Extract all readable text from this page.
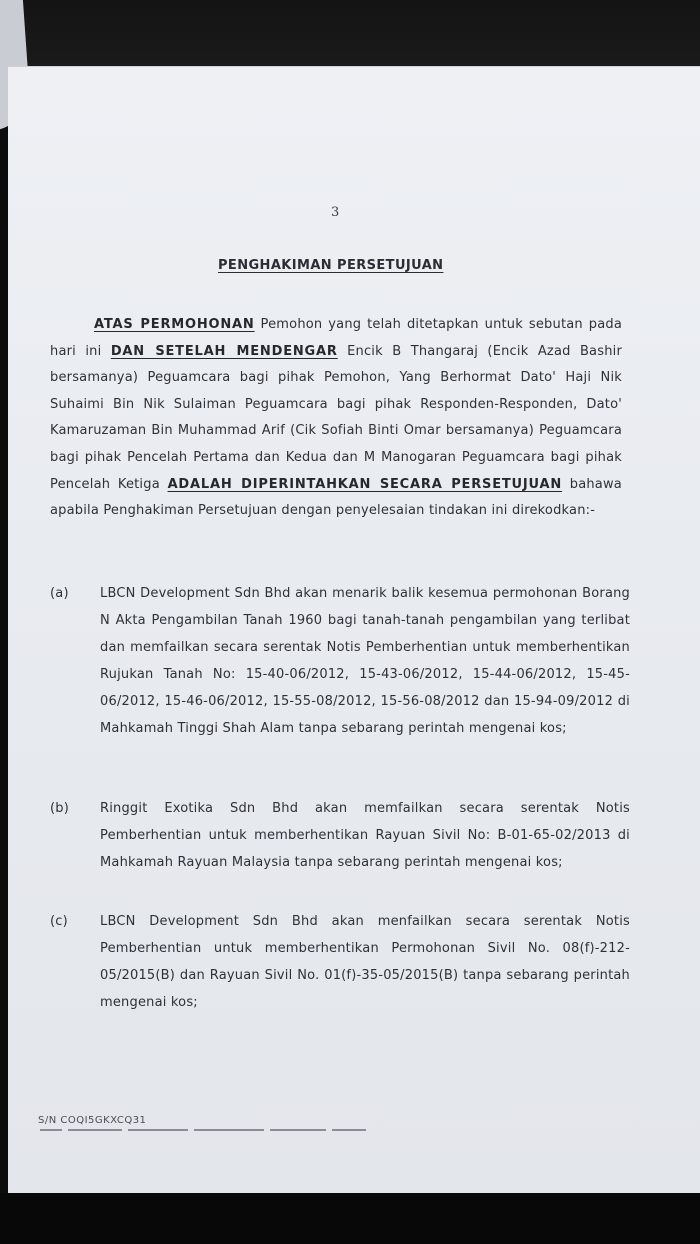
3
PENGHAKIMAN PERSETUJUAN
ATAS PERMOHONAN Pemohon yang telah ditetapkan untuk sebutan pada hari ini DAN SETELAH MENDENGAR Encik B Thangaraj (Encik Azad Bashir bersamanya) Peguamcara bagi pihak Pemohon, Yang Berhormat Dato' Haji Nik Suhaimi Bin Nik Sulaiman Peguamcara bagi pihak Responden-Responden, Dato' Kamaruzaman Bin Muhammad Arif (Cik Sofiah Binti Omar bersamanya) Peguamcara bagi pihak Pencelah Pertama dan Kedua dan M Manogaran Peguamcara bagi pihak Pencelah Ketiga ADALAH DIPERINTAHKAN SECARA PERSETUJUAN bahawa apabila Penghakiman Persetujuan dengan penyelesaian tindakan ini direkodkan:-
(a)	LBCN Development Sdn Bhd akan menarik balik kesemua permohonan Borang N Akta Pengambilan Tanah 1960 bagi tanah-tanah pengambilan yang terlibat dan memfailkan secara serentak Notis Pemberhentian untuk memberhentikan Rujukan Tanah No: 15-40-06/2012, 15-43-06/2012, 15-44-06/2012, 15-45-06/2012, 15-46-06/2012, 15-55-08/2012, 15-56-08/2012 dan 15-94-09/2012 di Mahkamah Tinggi Shah Alam tanpa sebarang perintah mengenai kos;
(b)	Ringgit Exotika Sdn Bhd akan memfailkan secara serentak Notis Pemberhentian untuk memberhentikan Rayuan Sivil No: B-01-65-02/2013 di Mahkamah Rayuan Malaysia tanpa sebarang perintah mengenai kos;
(c)	LBCN Development Sdn Bhd akan menfailkan secara serentak Notis Pemberhentian untuk memberhentikan Permohonan Sivil No. 08(f)-212-05/2015(B) dan Rayuan Sivil No. 01(f)-35-05/2015(B) tanpa sebarang perintah mengenai kos;
S/N COQI5GKXCQ31
